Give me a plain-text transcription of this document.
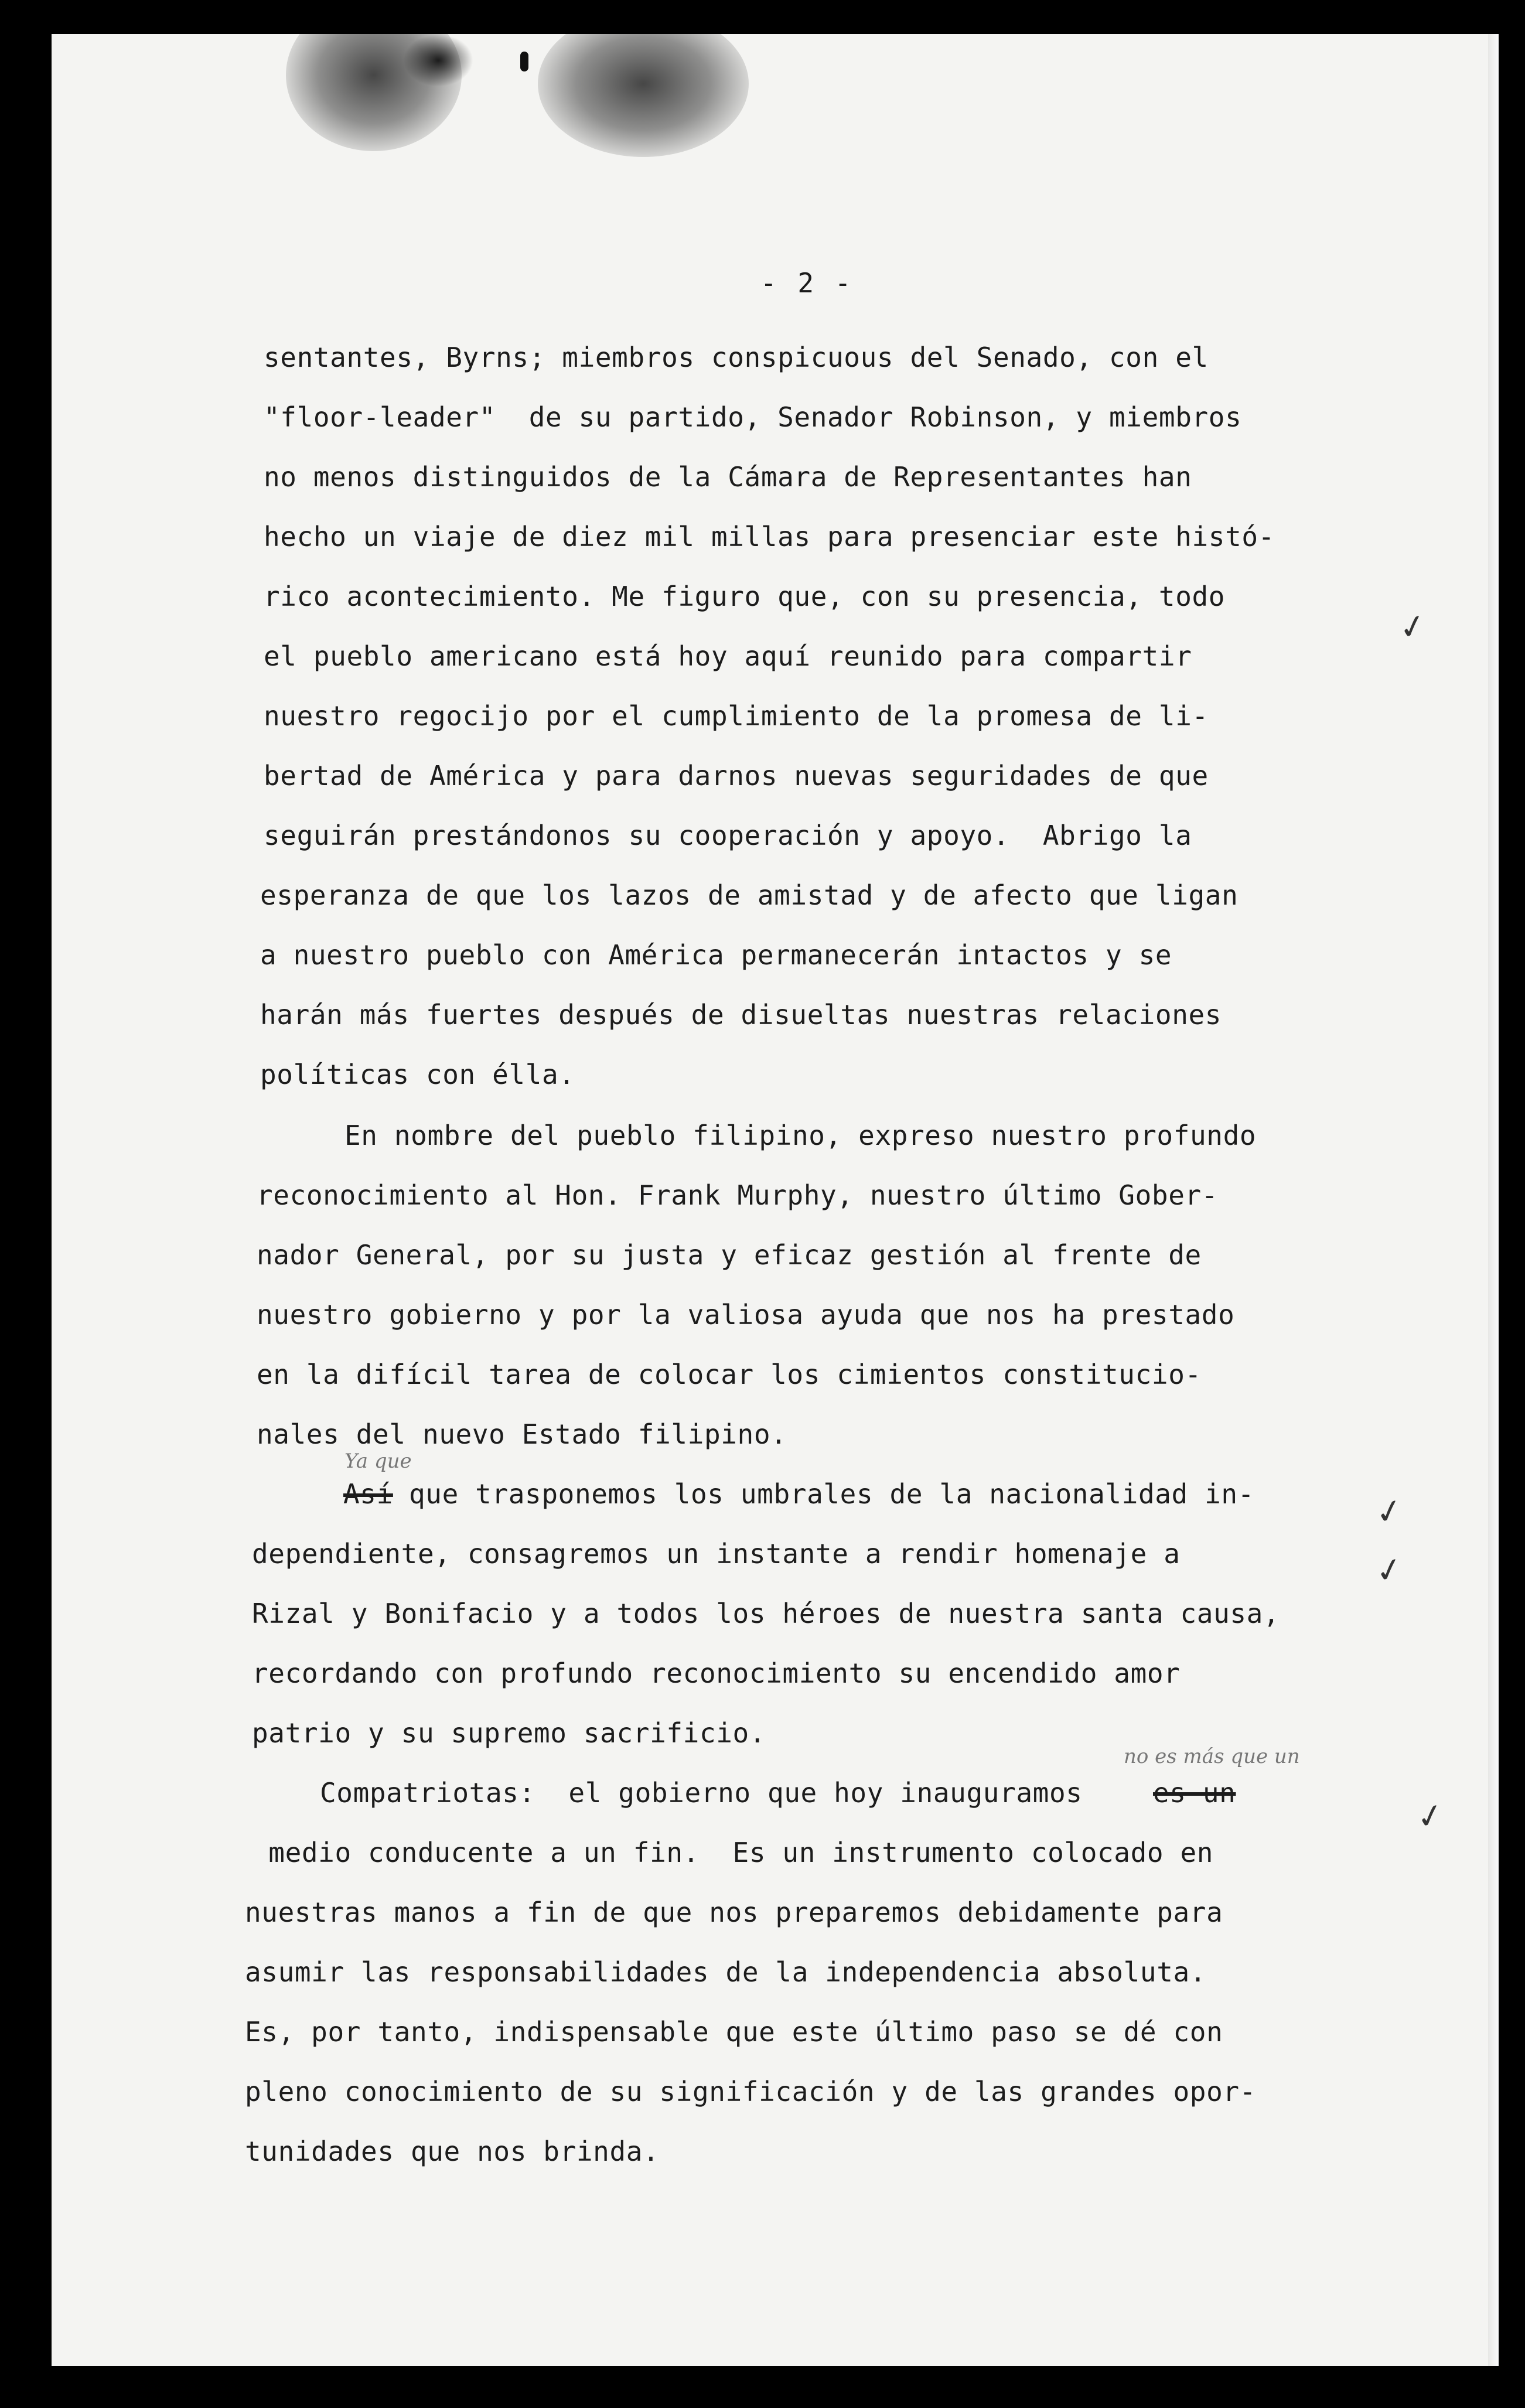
- 2 -
sentantes, Byrns; miembros conspicuous del Senado, con el
"floor-leader"  de su partido, Senador Robinson, y miembros
no menos distinguidos de la Cámara de Representantes han
hecho un viaje de diez mil millas para presenciar este histó-
rico acontecimiento. Me figuro que, con su presencia, todo
el pueblo americano está hoy aquí reunido para compartir
nuestro regocijo por el cumplimiento de la promesa de li-
bertad de América y para darnos nuevas seguridades de que
seguirán prestándonos su cooperación y apoyo.  Abrigo la
esperanza de que los lazos de amistad y de afecto que ligan
a nuestro pueblo con América permanecerán intactos y se
harán más fuertes después de disueltas nuestras relaciones
políticas con élla.
En nombre del pueblo filipino, expreso nuestro profundo
reconocimiento al Hon. Frank Murphy, nuestro último Gober-
nador General, por su justa y eficaz gestión al frente de
nuestro gobierno y por la valiosa ayuda que nos ha prestado
en la difícil tarea de colocar los cimientos constitucio-
nales del nuevo Estado filipino.
Ya que
Así que trasponemos los umbrales de la nacionalidad in-
dependiente, consagremos un instante a rendir homenaje a
Rizal y Bonifacio y a todos los héroes de nuestra santa causa,
recordando con profundo reconocimiento su encendido amor
patrio y su supremo sacrificio.
no es más que un
Compatriotas:  el gobierno que hoy inauguramos	es un
medio conducente a un fin.  Es un instrumento colocado en
nuestras manos a fin de que nos preparemos debidamente para
asumir las responsabilidades de la independencia absoluta.
Es, por tanto, indispensable que este último paso se dé con
pleno conocimiento de su significación y de las grandes opor-
tunidades que nos brinda.
✓
✓
✓
✓
